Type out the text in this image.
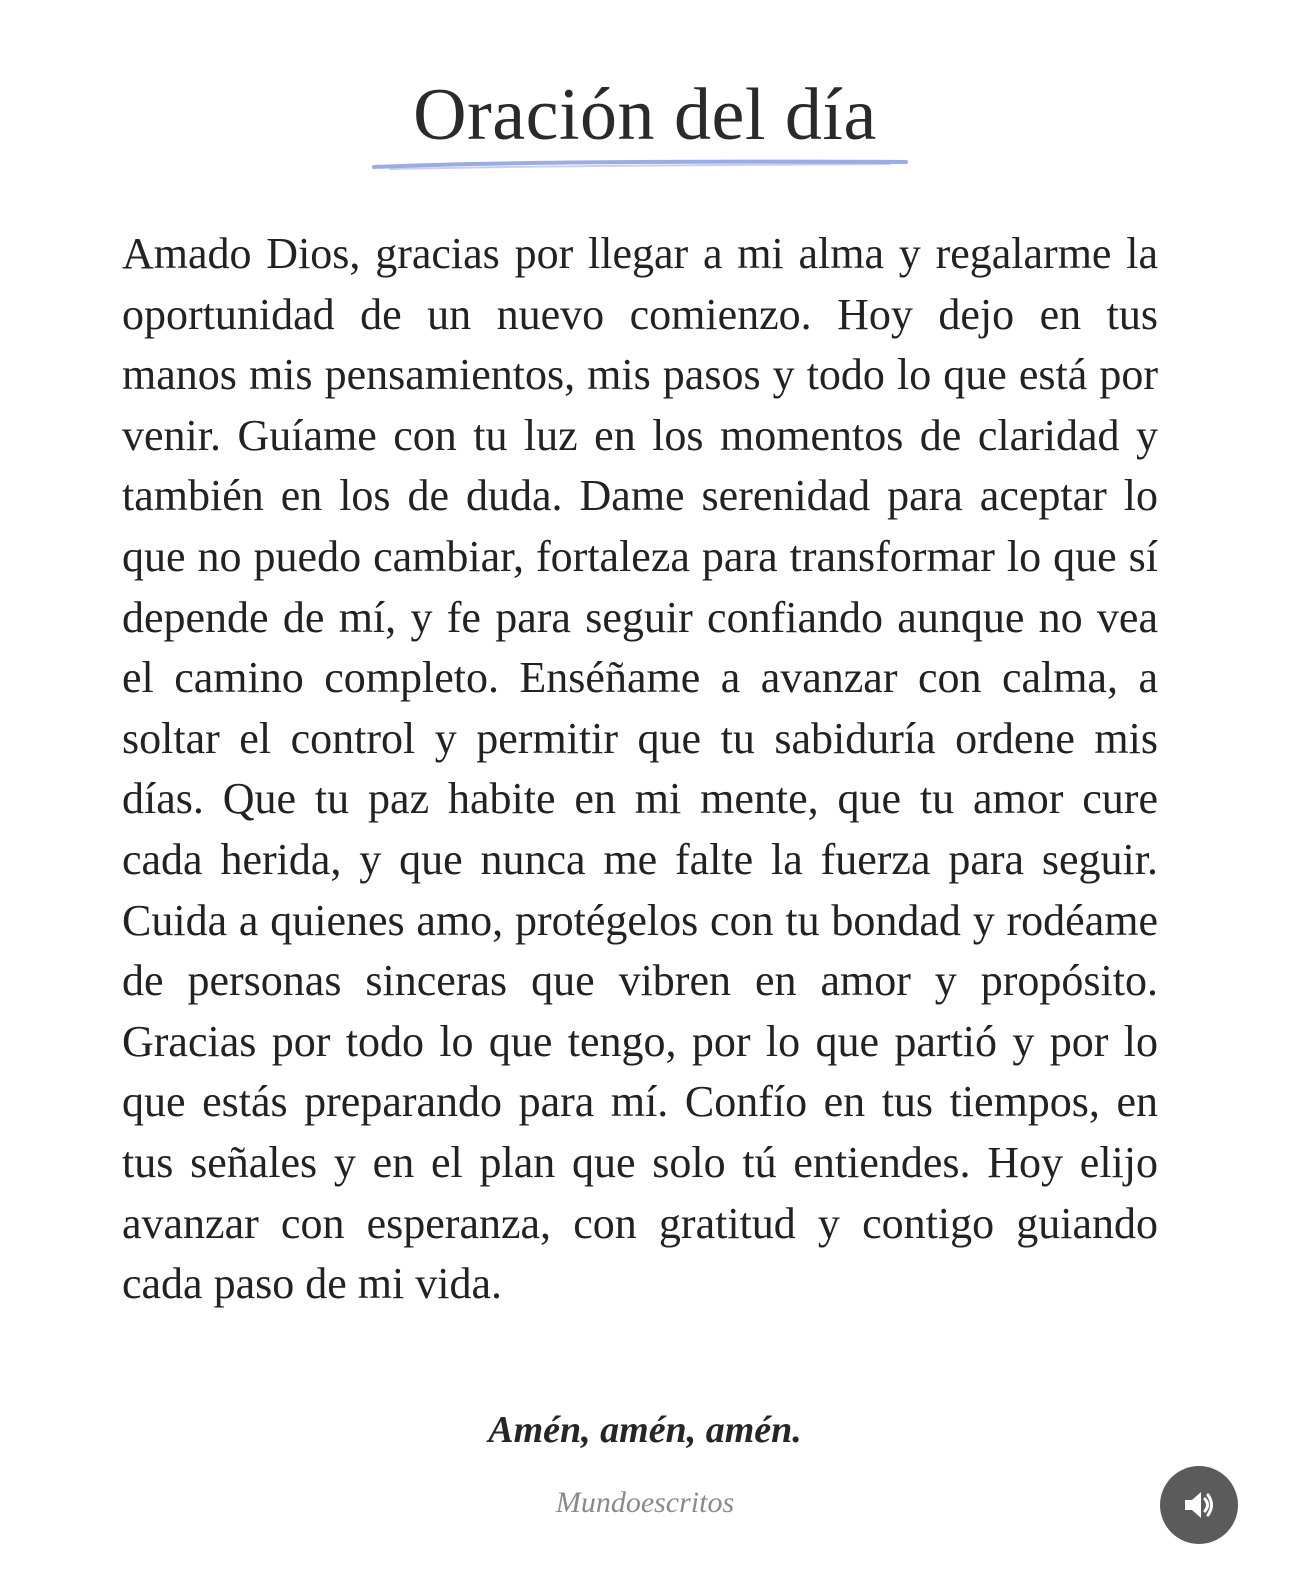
Oración del día

Amado Dios, gracias por llegar a mi alma y regalarme la oportunidad de un nuevo comienzo. Hoy dejo en tus manos mis pensamientos, mis pasos y todo lo que está por venir. Guíame con tu luz en los momentos de claridad y también en los de duda. Dame serenidad para aceptar lo que no puedo cambiar, fortaleza para transformar lo que sí depende de mí, y fe para seguir confiando aunque no vea el camino completo. Enséñame a avanzar con calma, a soltar el control y permitir que tu sabiduría ordene mis días. Que tu paz habite en mi mente, que tu amor cure cada herida, y que nunca me falte la fuerza para seguir. Cuida a quienes amo, protégelos con tu bondad y rodéame de personas sinceras que vibren en amor y propósito. Gracias por todo lo que tengo, por lo que partió y por lo que estás preparando para mí. Confío en tus tiempos, en tus señales y en el plan que solo tú entiendes. Hoy elijo avanzar con esperanza, con gratitud y contigo guiando cada paso de mi vida.

Amén, amén, amén.
Mundoescritos
